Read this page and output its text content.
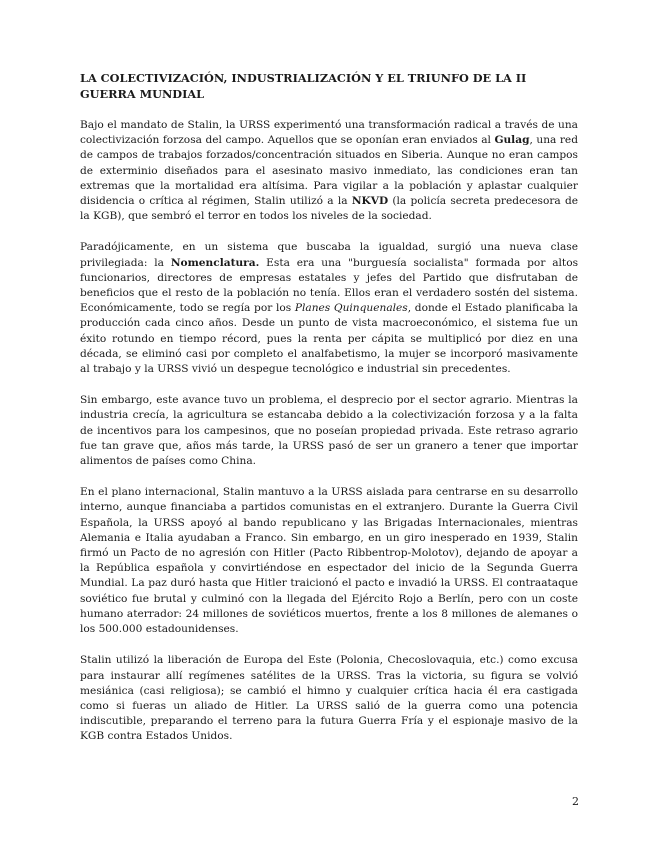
LA COLECTIVIZACIÓN, INDUSTRIALIZACIÓN Y EL TRIUNFO DE LA II GUERRA MUNDIAL

Bajo el mandato de Stalin, la URSS experimentó una transformación radical a través de una colectivización forzosa del campo. Aquellos que se oponían eran enviados al Gulag, una red de campos de trabajos forzados/concentración situados en Siberia. Aunque no eran campos de exterminio diseñados para el asesinato masivo inmediato, las condiciones eran tan extremas que la mortalidad era altísima. Para vigilar a la población y aplastar cualquier disidencia o crítica al régimen, Stalin utilizó a la NKVD (la policía secreta predecesora de la KGB), que sembró el terror en todos los niveles de la sociedad.

Paradójicamente, en un sistema que buscaba la igualdad, surgió una nueva clase privilegiada: la Nomenclatura. Esta era una "burguesía socialista" formada por altos funcionarios, directores de empresas estatales y jefes del Partido que disfrutaban de beneficios que el resto de la población no tenía. Ellos eran el verdadero sostén del sistema. Económicamente, todo se regía por los Planes Quinquenales, donde el Estado planificaba la producción cada cinco años. Desde un punto de vista macroeconómico, el sistema fue un éxito rotundo en tiempo récord, pues la renta per cápita se multiplicó por diez en una década, se eliminó casi por completo el analfabetismo, la mujer se incorporó masivamente al trabajo y la URSS vivió un despegue tecnológico e industrial sin precedentes.

Sin embargo, este avance tuvo un problema, el desprecio por el sector agrario. Mientras la industria crecía, la agricultura se estancaba debido a la colectivización forzosa y a la falta de incentivos para los campesinos, que no poseían propiedad privada. Este retraso agrario fue tan grave que, años más tarde, la URSS pasó de ser un granero a tener que importar alimentos de países como China.

En el plano internacional, Stalin mantuvo a la URSS aislada para centrarse en su desarrollo interno, aunque financiaba a partidos comunistas en el extranjero. Durante la Guerra Civil Española, la URSS apoyó al bando republicano y las Brigadas Internacionales, mientras Alemania e Italia ayudaban a Franco. Sin embargo, en un giro inesperado en 1939, Stalin firmó un Pacto de no agresión con Hitler (Pacto Ribbentrop-Molotov), dejando de apoyar a la República española y convirtiéndose en espectador del inicio de la Segunda Guerra Mundial. La paz duró hasta que Hitler traicionó el pacto e invadió la URSS. El contraataque soviético fue brutal y culminó con la llegada del Ejército Rojo a Berlín, pero con un coste humano aterrador: 24 millones de soviéticos muertos, frente a los 8 millones de alemanes o los 500.000 estadounidenses.

Stalin utilizó la liberación de Europa del Este (Polonia, Checoslovaquia, etc.) como excusa para instaurar allí regímenes satélites de la URSS. Tras la victoria, su figura se volvió mesiánica (casi religiosa); se cambió el himno y cualquier crítica hacia él era castigada como si fueras un aliado de Hitler. La URSS salió de la guerra como una potencia indiscutible, preparando el terreno para la futura Guerra Fría y el espionaje masivo de la KGB contra Estados Unidos.

2
